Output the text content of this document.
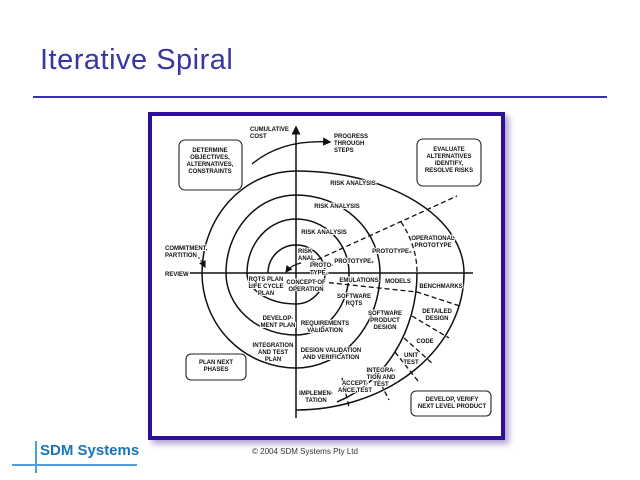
Iterative Spiral
DETERMINE OBJECTIVES, ALTERNATIVES, CONSTRAINTS
EVALUATE ALTERNATIVES IDENTIFY, RESOLVE RISKS
PLAN NEXT PHASES
DEVELOP, VERIFY NEXT LEVEL PRODUCT
CUMULATIVE COST	PROGRESS THROUGH STEPS
COMMITMENT, PARTITION
REVIEW
RISK ANALYSIS
RISK ANALYSIS
RISK ANALYSIS
RISK ANAL.
PROTO-TYPE₁
PROTOTYPE₂
PROTOTYPE₃
OPERATIONAL PROTOTYPE
RQTS PLAN LIFE CYCLE PLAN
CONCEPT OF OPERATION
EMULATIONS MODELS
BENCHMARKS
SOFTWARE RQTS
SOFTWARE PRODUCT DESIGN
DETAILED DESIGN
DEVELOP-MENT PLAN REQUIREMENTS VALIDATION
CODE
INTEGRATION AND TEST PLAN
DESIGN VALIDATION AND VERIFICATION	UNIT TEST
INTEGRA-TION AND TEST
ACCEPT-ANCE TEST
IMPLEMEN-TATION
SDM Systems	© 2004 SDM Systems Pty Ltd
